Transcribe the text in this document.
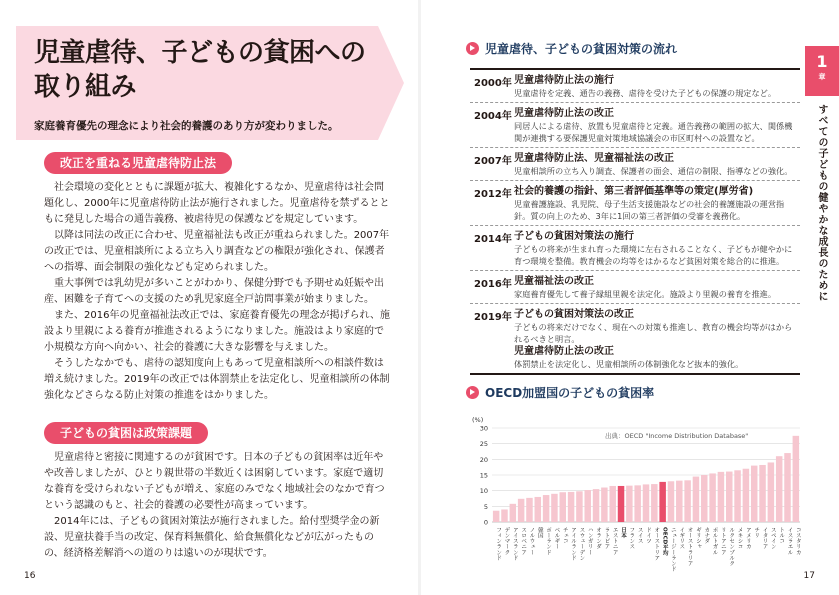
児童虐待、子どもの貧困への取り組み
家庭養育優先の理念により社会的養護のあり方が変わりました。
改正を重ねる児童虐待防止法

社会環境の変化とともに課題が拡大、複雑化するなか、児童虐待は社会問題化し、2000年に児童虐待防止法が施行されました。児童虐待を禁ずるとともに発見した場合の通告義務、被虐待児の保護などを規定しています。

以降は同法の改正に合わせ、児童福祉法も改正が重ねられました。2007年の改正では、児童相談所による立ち入り調査などの権限が強化され、保護者への指導、面会制限の強化なども定められました。

重大事例では乳幼児が多いことがわかり、保健分野でも予期せぬ妊娠や出産、困難を子育てへの支援のため乳児家庭全戸訪問事業が始まりました。

また、2016年の児童福祉法改正では、家庭養育優先の理念が掲げられ、施設より里親による養育が推進されるようになりました。施設はより家庭的で小規模な方向へ向かい、社会的養護に大きな影響を与えました。

そうしたなかでも、虐待の認知度向上もあって児童相談所への相談件数は増え続けました。2019年の改正では体罰禁止を法定化し、児童相談所の体制強化などさらなる防止対策の推進をはかりました。

子どもの貧困は政策課題

児童虐待と密接に関連するのが貧困です。日本の子どもの貧困率は近年やや改善しましたが、ひとり親世帯の半数近くは困窮しています。家庭で適切な養育を受けられない子どもが増え、家庭のみでなく地域社会のなかで育つという認識のもと、社会的養護の必要性が高まっています。

2014年には、子どもの貧困対策法が施行されました。給付型奨学金の新設、児童扶養手当の改定、保育料無償化、給食無償化などが広がったものの、経済格差解消への道のりは遠いのが現状です。

16
児童虐待、子どもの貧困対策の流れ
2000年 児童虐待防止法の施行
児童虐待を定義、通告の義務、虐待を受けた子どもの保護の規定など。
2004年 児童虐待防止法の改正
同居人による虐待、放置も児童虐待と定義。通告義務の範囲の拡大、関係機関が連携する要保護児童対策地域協議会の市区町村への設置など。
2007年 児童虐待防止法、児童福祉法の改正
児童相談所の立ち入り調査、保護者の面会、通信の制限、指導などの強化。
2012年 社会的養護の指針、第三者評価基準等の策定(厚労省)
児童養護施設、乳児院、母子生活支援施設などの社会的養護施設の運営指針。質の向上のため、3年に1回の第三者評価の受審を義務化。
2014年 子どもの貧困対策法の施行
子どもの将来が生まれ育った環境に左右されることなく、子どもが健やかに育つ環境を整備。教育機会の均等をはかるなど貧困対策を総合的に推進。
2016年 児童福祉法の改正
家庭養育優先して養子縁組里親を法定化。施設より里親の養育を推進。
2019年 子どもの貧困対策法の改正
子どもの将来だけでなく、現在への対策も推進し、教育の機会均等がはかられるべきと明言。
児童虐待防止法の改正
体罰禁止を法定化し、児童相談所の体制強化など抜本的強化。
OECD加盟国の子どもの貧困率
出典：OECD "Income Distribution Database"
(%)
0
5
10
15
20
25
30
フィンランド デンマーク アイスランド スロベニア ノルウェー 韓国 ポーランド ベルギー チェコ アイルランド スウェーデン ハンガリー オランダ ラトビア エストニア 日本 フランス スイス ドイツ オーストリア OECD平均 ニュージーランド イギリス オーストラリア ギリシャ カナダ ポルトガル リトアニア ルクセンブルク メキシコ アメリカ チリ イタリア スペイン トルコ イスラエル コスタリカ
1
章
すべての子どもの健やかな成長のために
17
